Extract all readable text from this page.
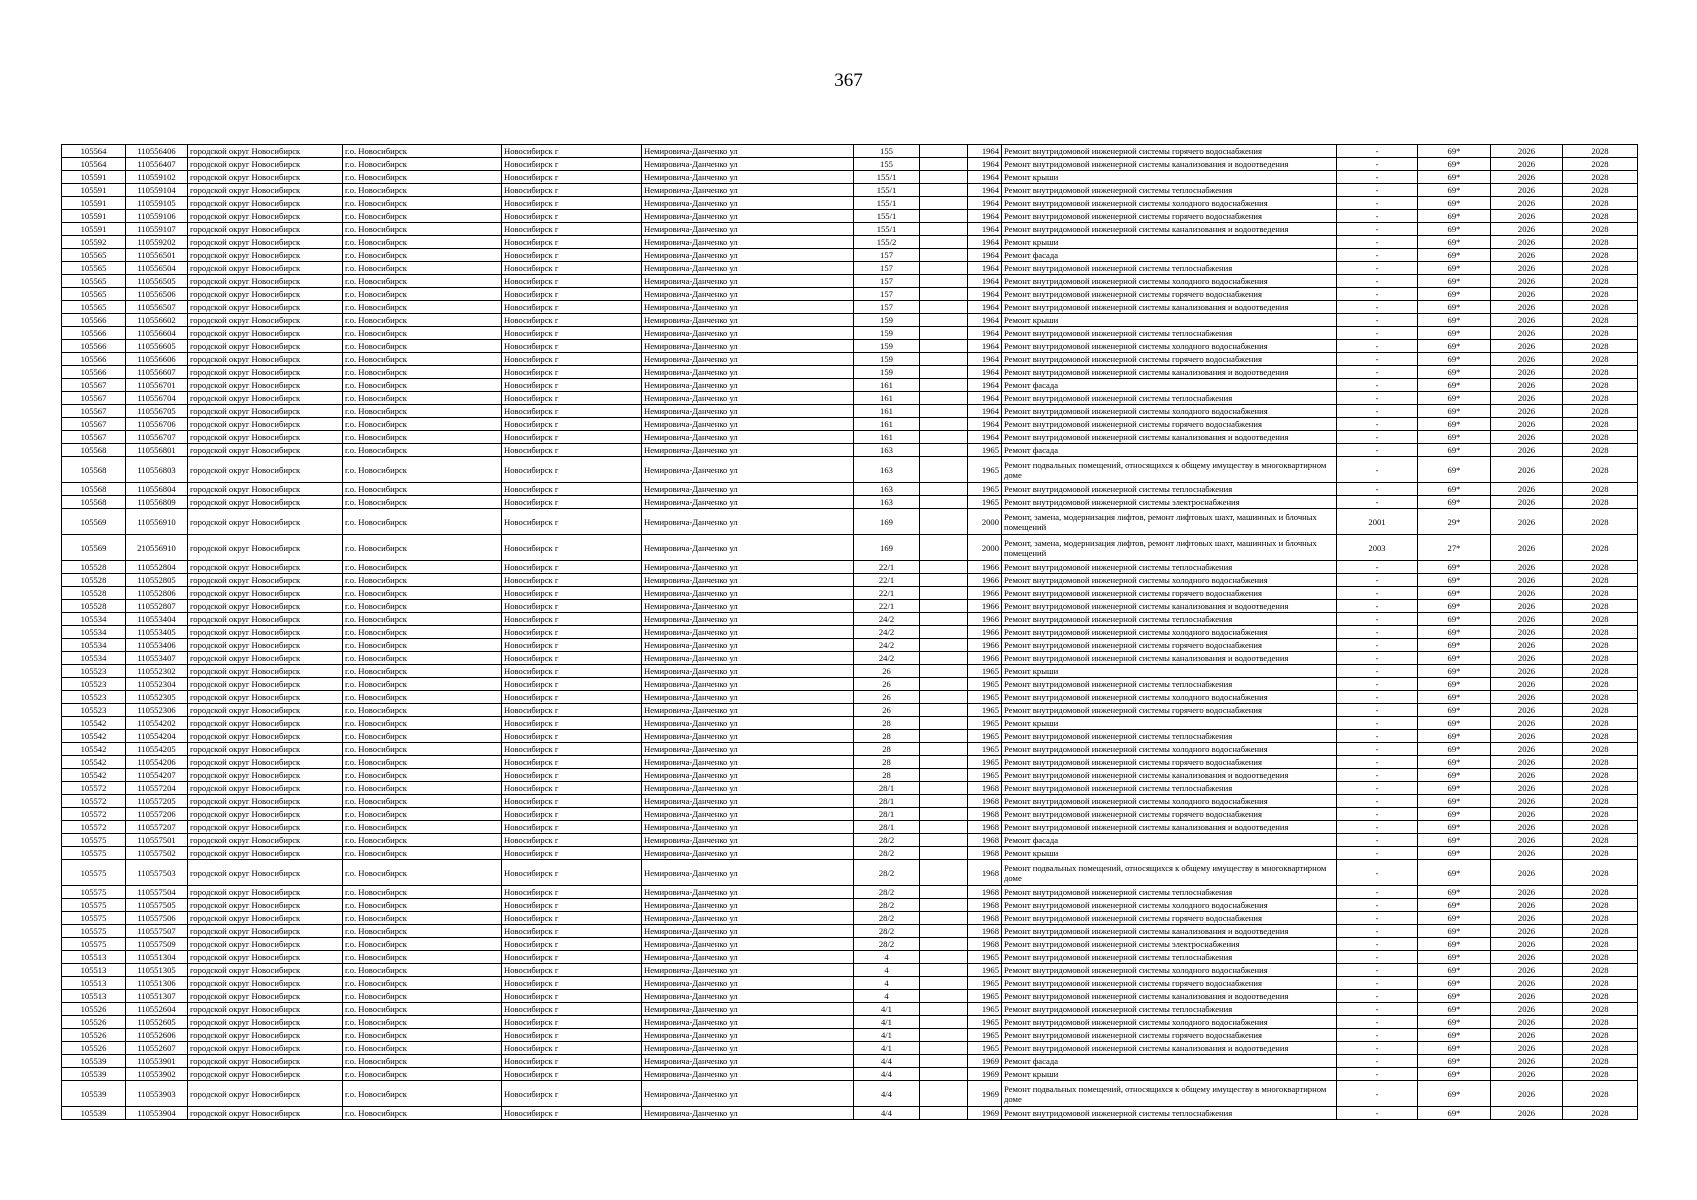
367
105564	110556406	городской округ Новосибирск	г.о. Новосибирск	Новосибирск г	Немировича-Данченко ул	155		1964	Ремонт внутридомовой инженерной системы горячего водоснабжения	-	69*	2026	2028
105564	110556407	городской округ Новосибирск	г.о. Новосибирск	Новосибирск г	Немировича-Данченко ул	155		1964	Ремонт внутридомовой инженерной системы канализования и водоотведения	-	69*	2026	2028
105591	110559102	городской округ Новосибирск	г.о. Новосибирск	Новосибирск г	Немировича-Данченко ул	155/1		1964	Ремонт крыши	-	69*	2026	2028
105591	110559104	городской округ Новосибирск	г.о. Новосибирск	Новосибирск г	Немировича-Данченко ул	155/1		1964	Ремонт внутридомовой инженерной системы теплоснабжения	-	69*	2026	2028
105591	110559105	городской округ Новосибирск	г.о. Новосибирск	Новосибирск г	Немировича-Данченко ул	155/1		1964	Ремонт внутридомовой инженерной системы холодного водоснабжения	-	69*	2026	2028
105591	110559106	городской округ Новосибирск	г.о. Новосибирск	Новосибирск г	Немировича-Данченко ул	155/1		1964	Ремонт внутридомовой инженерной системы горячего водоснабжения	-	69*	2026	2028
105591	110559107	городской округ Новосибирск	г.о. Новосибирск	Новосибирск г	Немировича-Данченко ул	155/1		1964	Ремонт внутридомовой инженерной системы канализования и водоотведения	-	69*	2026	2028
105592	110559202	городской округ Новосибирск	г.о. Новосибирск	Новосибирск г	Немировича-Данченко ул	155/2		1964	Ремонт крыши	-	69*	2026	2028
105565	110556501	городской округ Новосибирск	г.о. Новосибирск	Новосибирск г	Немировича-Данченко ул	157		1964	Ремонт фасада	-	69*	2026	2028
105565	110556504	городской округ Новосибирск	г.о. Новосибирск	Новосибирск г	Немировича-Данченко ул	157		1964	Ремонт внутридомовой инженерной системы теплоснабжения	-	69*	2026	2028
105565	110556505	городской округ Новосибирск	г.о. Новосибирск	Новосибирск г	Немировича-Данченко ул	157		1964	Ремонт внутридомовой инженерной системы холодного водоснабжения	-	69*	2026	2028
105565	110556506	городской округ Новосибирск	г.о. Новосибирск	Новосибирск г	Немировича-Данченко ул	157		1964	Ремонт внутридомовой инженерной системы горячего водоснабжения	-	69*	2026	2028
105565	110556507	городской округ Новосибирск	г.о. Новосибирск	Новосибирск г	Немировича-Данченко ул	157		1964	Ремонт внутридомовой инженерной системы канализования и водоотведения	-	69*	2026	2028
105566	110556602	городской округ Новосибирск	г.о. Новосибирск	Новосибирск г	Немировича-Данченко ул	159		1964	Ремонт крыши	-	69*	2026	2028
105566	110556604	городской округ Новосибирск	г.о. Новосибирск	Новосибирск г	Немировича-Данченко ул	159		1964	Ремонт внутридомовой инженерной системы теплоснабжения	-	69*	2026	2028
105566	110556605	городской округ Новосибирск	г.о. Новосибирск	Новосибирск г	Немировича-Данченко ул	159		1964	Ремонт внутридомовой инженерной системы холодного водоснабжения	-	69*	2026	2028
105566	110556606	городской округ Новосибирск	г.о. Новосибирск	Новосибирск г	Немировича-Данченко ул	159		1964	Ремонт внутридомовой инженерной системы горячего водоснабжения	-	69*	2026	2028
105566	110556607	городской округ Новосибирск	г.о. Новосибирск	Новосибирск г	Немировича-Данченко ул	159		1964	Ремонт внутридомовой инженерной системы канализования и водоотведения	-	69*	2026	2028
105567	110556701	городской округ Новосибирск	г.о. Новосибирск	Новосибирск г	Немировича-Данченко ул	161		1964	Ремонт фасада	-	69*	2026	2028
105567	110556704	городской округ Новосибирск	г.о. Новосибирск	Новосибирск г	Немировича-Данченко ул	161		1964	Ремонт внутридомовой инженерной системы теплоснабжения	-	69*	2026	2028
105567	110556705	городской округ Новосибирск	г.о. Новосибирск	Новосибирск г	Немировича-Данченко ул	161		1964	Ремонт внутридомовой инженерной системы холодного водоснабжения	-	69*	2026	2028
105567	110556706	городской округ Новосибирск	г.о. Новосибирск	Новосибирск г	Немировича-Данченко ул	161		1964	Ремонт внутридомовой инженерной системы горячего водоснабжения	-	69*	2026	2028
105567	110556707	городской округ Новосибирск	г.о. Новосибирск	Новосибирск г	Немировича-Данченко ул	161		1964	Ремонт внутридомовой инженерной системы канализования и водоотведения	-	69*	2026	2028
105568	110556801	городской округ Новосибирск	г.о. Новосибирск	Новосибирск г	Немировича-Данченко ул	163		1965	Ремонт фасада	-	69*	2026	2028
105568	110556803	городской округ Новосибирск	г.о. Новосибирск	Новосибирск г	Немировича-Данченко ул	163		1965	Ремонт подвальных помещений, относящихся к общему имуществу в многоквартирном доме	-	69*	2026	2028
105568	110556804	городской округ Новосибирск	г.о. Новосибирск	Новосибирск г	Немировича-Данченко ул	163		1965	Ремонт внутридомовой инженерной системы теплоснабжения	-	69*	2026	2028
105568	110556809	городской округ Новосибирск	г.о. Новосибирск	Новосибирск г	Немировича-Данченко ул	163		1965	Ремонт внутридомовой инженерной системы электроснабжения	-	69*	2026	2028
105569	110556910	городской округ Новосибирск	г.о. Новосибирск	Новосибирск г	Немировича-Данченко ул	169		2000	Ремонт, замена, модернизация лифтов, ремонт лифтовых шахт, машинных и блочных помещений	2001	29*	2026	2028
105569	210556910	городской округ Новосибирск	г.о. Новосибирск	Новосибирск г	Немировича-Данченко ул	169		2000	Ремонт, замена, модернизация лифтов, ремонт лифтовых шахт, машинных и блочных помещений	2003	27*	2026	2028
105528	110552804	городской округ Новосибирск	г.о. Новосибирск	Новосибирск г	Немировича-Данченко ул	22/1		1966	Ремонт внутридомовой инженерной системы теплоснабжения	-	69*	2026	2028
105528	110552805	городской округ Новосибирск	г.о. Новосибирск	Новосибирск г	Немировича-Данченко ул	22/1		1966	Ремонт внутридомовой инженерной системы холодного водоснабжения	-	69*	2026	2028
105528	110552806	городской округ Новосибирск	г.о. Новосибирск	Новосибирск г	Немировича-Данченко ул	22/1		1966	Ремонт внутридомовой инженерной системы горячего водоснабжения	-	69*	2026	2028
105528	110552807	городской округ Новосибирск	г.о. Новосибирск	Новосибирск г	Немировича-Данченко ул	22/1		1966	Ремонт внутридомовой инженерной системы канализования и водоотведения	-	69*	2026	2028
105534	110553404	городской округ Новосибирск	г.о. Новосибирск	Новосибирск г	Немировича-Данченко ул	24/2		1966	Ремонт внутридомовой инженерной системы теплоснабжения	-	69*	2026	2028
105534	110553405	городской округ Новосибирск	г.о. Новосибирск	Новосибирск г	Немировича-Данченко ул	24/2		1966	Ремонт внутридомовой инженерной системы холодного водоснабжения	-	69*	2026	2028
105534	110553406	городской округ Новосибирск	г.о. Новосибирск	Новосибирск г	Немировича-Данченко ул	24/2		1966	Ремонт внутридомовой инженерной системы горячего водоснабжения	-	69*	2026	2028
105534	110553407	городской округ Новосибирск	г.о. Новосибирск	Новосибирск г	Немировича-Данченко ул	24/2		1966	Ремонт внутридомовой инженерной системы канализования и водоотведения	-	69*	2026	2028
105523	110552302	городской округ Новосибирск	г.о. Новосибирск	Новосибирск г	Немировича-Данченко ул	26		1965	Ремонт крыши	-	69*	2026	2028
105523	110552304	городской округ Новосибирск	г.о. Новосибирск	Новосибирск г	Немировича-Данченко ул	26		1965	Ремонт внутридомовой инженерной системы теплоснабжения	-	69*	2026	2028
105523	110552305	городской округ Новосибирск	г.о. Новосибирск	Новосибирск г	Немировича-Данченко ул	26		1965	Ремонт внутридомовой инженерной системы холодного водоснабжения	-	69*	2026	2028
105523	110552306	городской округ Новосибирск	г.о. Новосибирск	Новосибирск г	Немировича-Данченко ул	26		1965	Ремонт внутридомовой инженерной системы горячего водоснабжения	-	69*	2026	2028
105542	110554202	городской округ Новосибирск	г.о. Новосибирск	Новосибирск г	Немировича-Данченко ул	28		1965	Ремонт крыши	-	69*	2026	2028
105542	110554204	городской округ Новосибирск	г.о. Новосибирск	Новосибирск г	Немировича-Данченко ул	28		1965	Ремонт внутридомовой инженерной системы теплоснабжения	-	69*	2026	2028
105542	110554205	городской округ Новосибирск	г.о. Новосибирск	Новосибирск г	Немировича-Данченко ул	28		1965	Ремонт внутридомовой инженерной системы холодного водоснабжения	-	69*	2026	2028
105542	110554206	городской округ Новосибирск	г.о. Новосибирск	Новосибирск г	Немировича-Данченко ул	28		1965	Ремонт внутридомовой инженерной системы горячего водоснабжения	-	69*	2026	2028
105542	110554207	городской округ Новосибирск	г.о. Новосибирск	Новосибирск г	Немировича-Данченко ул	28		1965	Ремонт внутридомовой инженерной системы канализования и водоотведения	-	69*	2026	2028
105572	110557204	городской округ Новосибирск	г.о. Новосибирск	Новосибирск г	Немировича-Данченко ул	28/1		1968	Ремонт внутридомовой инженерной системы теплоснабжения	-	69*	2026	2028
105572	110557205	городской округ Новосибирск	г.о. Новосибирск	Новосибирск г	Немировича-Данченко ул	28/1		1968	Ремонт внутридомовой инженерной системы холодного водоснабжения	-	69*	2026	2028
105572	110557206	городской округ Новосибирск	г.о. Новосибирск	Новосибирск г	Немировича-Данченко ул	28/1		1968	Ремонт внутридомовой инженерной системы горячего водоснабжения	-	69*	2026	2028
105572	110557207	городской округ Новосибирск	г.о. Новосибирск	Новосибирск г	Немировича-Данченко ул	28/1		1968	Ремонт внутридомовой инженерной системы канализования и водоотведения	-	69*	2026	2028
105575	110557501	городской округ Новосибирск	г.о. Новосибирск	Новосибирск г	Немировича-Данченко ул	28/2		1968	Ремонт фасада	-	69*	2026	2028
105575	110557502	городской округ Новосибирск	г.о. Новосибирск	Новосибирск г	Немировича-Данченко ул	28/2		1968	Ремонт крыши	-	69*	2026	2028
105575	110557503	городской округ Новосибирск	г.о. Новосибирск	Новосибирск г	Немировича-Данченко ул	28/2		1968	Ремонт подвальных помещений, относящихся к общему имуществу в многоквартирном доме	-	69*	2026	2028
105575	110557504	городской округ Новосибирск	г.о. Новосибирск	Новосибирск г	Немировича-Данченко ул	28/2		1968	Ремонт внутридомовой инженерной системы теплоснабжения	-	69*	2026	2028
105575	110557505	городской округ Новосибирск	г.о. Новосибирск	Новосибирск г	Немировича-Данченко ул	28/2		1968	Ремонт внутридомовой инженерной системы холодного водоснабжения	-	69*	2026	2028
105575	110557506	городской округ Новосибирск	г.о. Новосибирск	Новосибирск г	Немировича-Данченко ул	28/2		1968	Ремонт внутридомовой инженерной системы горячего водоснабжения	-	69*	2026	2028
105575	110557507	городской округ Новосибирск	г.о. Новосибирск	Новосибирск г	Немировича-Данченко ул	28/2		1968	Ремонт внутридомовой инженерной системы канализования и водоотведения	-	69*	2026	2028
105575	110557509	городской округ Новосибирск	г.о. Новосибирск	Новосибирск г	Немировича-Данченко ул	28/2		1968	Ремонт внутридомовой инженерной системы электроснабжения	-	69*	2026	2028
105513	110551304	городской округ Новосибирск	г.о. Новосибирск	Новосибирск г	Немировича-Данченко ул	4		1965	Ремонт внутридомовой инженерной системы теплоснабжения	-	69*	2026	2028
105513	110551305	городской округ Новосибирск	г.о. Новосибирск	Новосибирск г	Немировича-Данченко ул	4		1965	Ремонт внутридомовой инженерной системы холодного водоснабжения	-	69*	2026	2028
105513	110551306	городской округ Новосибирск	г.о. Новосибирск	Новосибирск г	Немировича-Данченко ул	4		1965	Ремонт внутридомовой инженерной системы горячего водоснабжения	-	69*	2026	2028
105513	110551307	городской округ Новосибирск	г.о. Новосибирск	Новосибирск г	Немировича-Данченко ул	4		1965	Ремонт внутридомовой инженерной системы канализования и водоотведения	-	69*	2026	2028
105526	110552604	городской округ Новосибирск	г.о. Новосибирск	Новосибирск г	Немировича-Данченко ул	4/1		1965	Ремонт внутридомовой инженерной системы теплоснабжения	-	69*	2026	2028
105526	110552605	городской округ Новосибирск	г.о. Новосибирск	Новосибирск г	Немировича-Данченко ул	4/1		1965	Ремонт внутридомовой инженерной системы холодного водоснабжения	-	69*	2026	2028
105526	110552606	городской округ Новосибирск	г.о. Новосибирск	Новосибирск г	Немировича-Данченко ул	4/1		1965	Ремонт внутридомовой инженерной системы горячего водоснабжения	-	69*	2026	2028
105526	110552607	городской округ Новосибирск	г.о. Новосибирск	Новосибирск г	Немировича-Данченко ул	4/1		1965	Ремонт внутридомовой инженерной системы канализования и водоотведения	-	69*	2026	2028
105539	110553901	городской округ Новосибирск	г.о. Новосибирск	Новосибирск г	Немировича-Данченко ул	4/4		1969	Ремонт фасада	-	69*	2026	2028
105539	110553902	городской округ Новосибирск	г.о. Новосибирск	Новосибирск г	Немировича-Данченко ул	4/4		1969	Ремонт крыши	-	69*	2026	2028
105539	110553903	городской округ Новосибирск	г.о. Новосибирск	Новосибирск г	Немировича-Данченко ул	4/4		1969	Ремонт подвальных помещений, относящихся к общему имуществу в многоквартирном доме	-	69*	2026	2028
105539	110553904	городской округ Новосибирск	г.о. Новосибирск	Новосибирск г	Немировича-Данченко ул	4/4		1969	Ремонт внутридомовой инженерной системы теплоснабжения	-	69*	2026	2028
